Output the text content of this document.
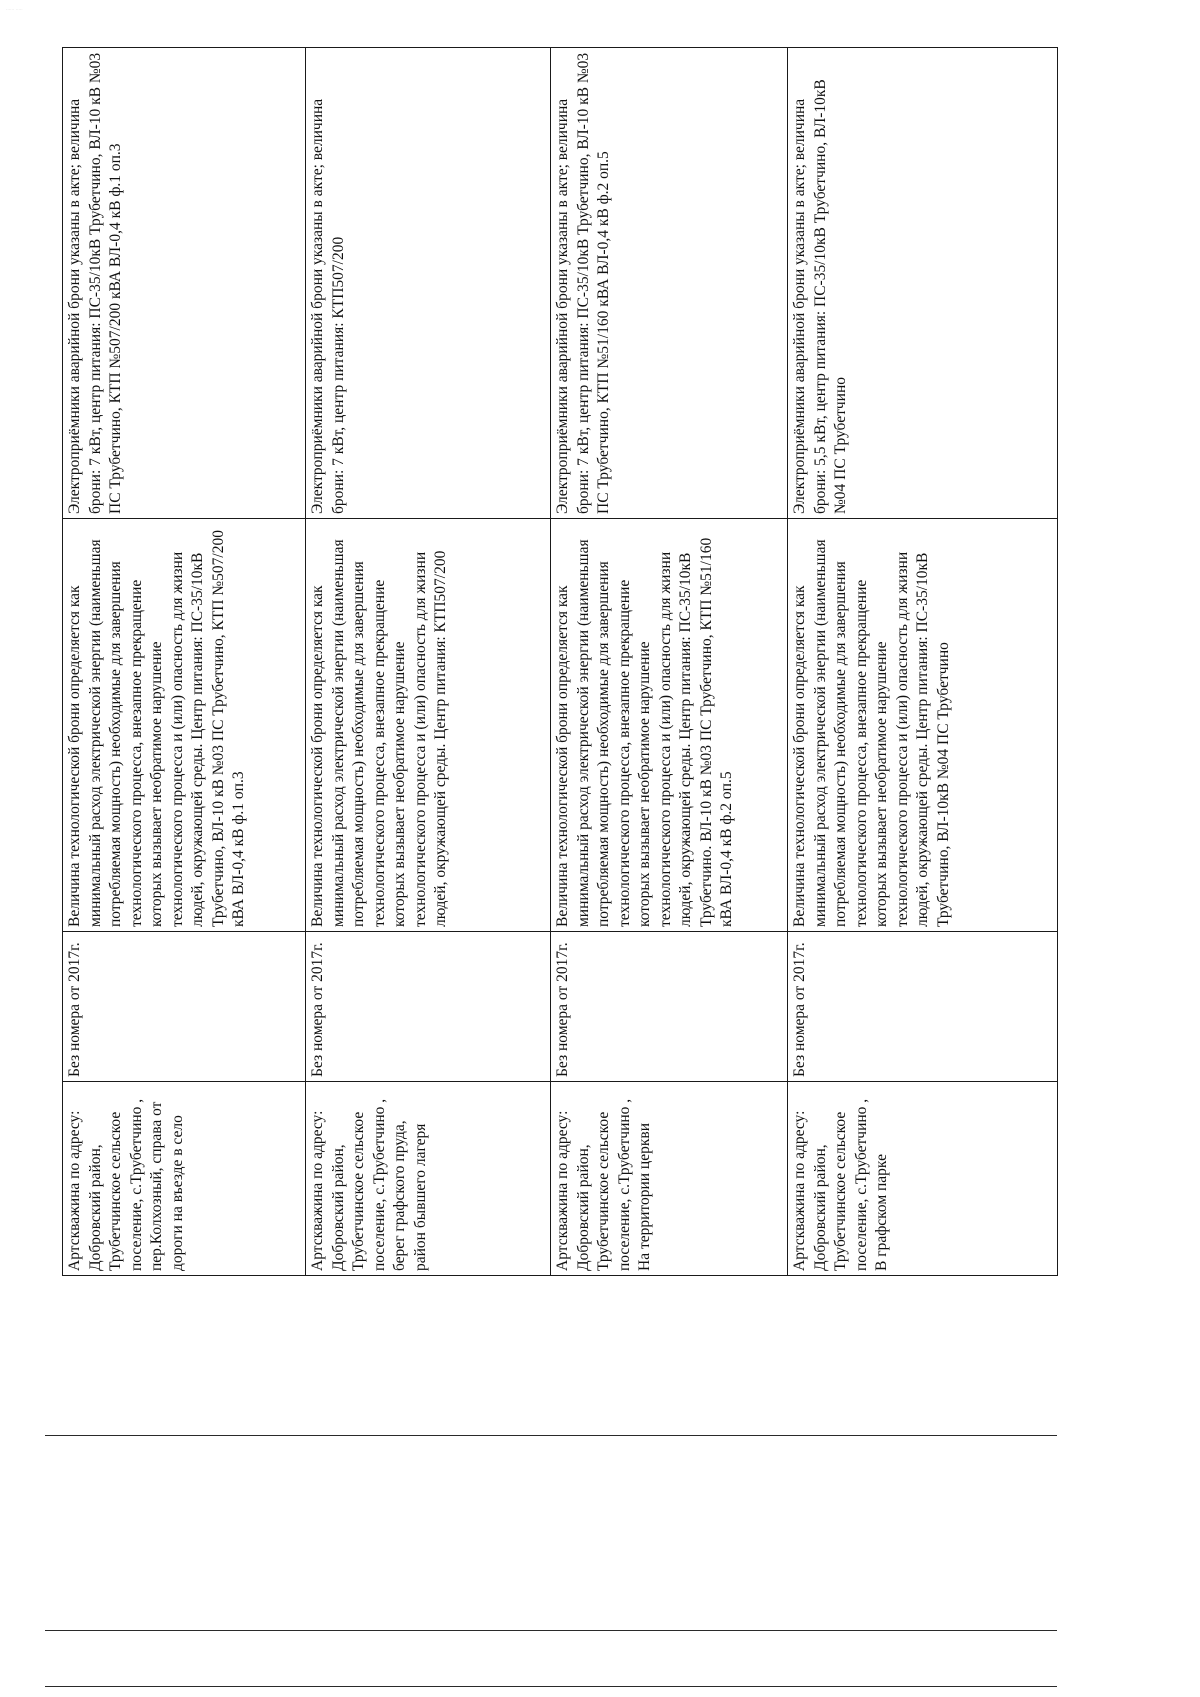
...... .....
Артскважина по адресу: Добровский район, Трубетчинское сельское поселение, с.Трубетчино , пер.Колхозный, справа от дороги на въезде в село	Без номера от 2017г.	Величина технологической брони определяется как минимальный расход электрической энергии (наименьшая потребляемая мощность) необходимые для завершения технологического процесса, внезапное прекращение которых вызывает необратимое нарушение технологического процесса и (или) опасность для жизни людей, окружающей среды. Центр питания: ПС-35/10кВ Трубетчино, ВЛ-10 кВ №03 ПС Трубетчино, КТП №507/200 кВА ВЛ-0,4 кВ ф.1 оп.3	Электроприёмники аварийной брони указаны в акте; величина брони: 7 кВт, центр питания: ПС-35/10кВ Трубетчино, ВЛ-10 кВ №03 ПС Трубетчино, КТП №507/200 кВА ВЛ-0,4 кВ ф.1 оп.3

Артскважина по адресу: Добровский район, Трубетчинское сельское поселение, с.Трубетчино , берег графского пруда, район бывшего лагеря	Без номера от 2017г.	Величина технологической брони определяется как минимальный расход электрической энергии (наименьшая потребляемая мощность) необходимые для завершения технологического процесса, внезапное прекращение которых вызывает необратимое нарушение технологического процесса и (или) опасность для жизни людей, окружающей среды. Центр питания: КТП507/200	Электроприёмники аварийной брони указаны в акте; величина брони: 7 кВт, центр питания: КТП507/200

Артскважина по адресу: Добровский район, Трубетчинское сельское поселение, с.Трубетчино , На территории церкви	Без номера от 2017г.	Величина технологической брони определяется как минимальный расход электрической энергии (наименьшая потребляемая мощность) необходимые для завершения технологического процесса, внезапное прекращение которых вызывает необратимое нарушение технологического процесса и (или) опасность для жизни людей, окружающей среды. Центр питания: ПС-35/10кВ Трубетчино. ВЛ-10 кВ №03 ПС Трубетчино, КТП №51/160 кВА ВЛ-0,4 кВ ф.2 оп.5	Электроприёмники аварийной брони указаны в акте; величина брони: 7 кВт, центр питания: ПС-35/10кВ Трубетчино, ВЛ-10 кВ №03 ПС Трубетчино, КТП №51/160 кВА ВЛ-0,4 кВ ф.2 оп.5

Артскважина по адресу: Добровский район, Трубетчинское сельское поселение, с.Трубетчино , В графском парке	Без номера от 2017г.	Величина технологической брони определяется как минимальный расход электрической энергии (наименьшая потребляемая мощность) необходимые для завершения технологического процесса, внезапное прекращение которых вызывает необратимое нарушение технологического процесса и (или) опасность для жизни людей, окружающей среды. Центр питания: ПС-35/10кВ Трубетчино, ВЛ-10кВ №04 ПС Трубетчино	Электроприёмники аварийной брони указаны в акте; величина брони: 5,5 кВт, центр питания: ПС-35/10кВ Трубетчино, ВЛ-10кВ №04 ПС Трубетчино
